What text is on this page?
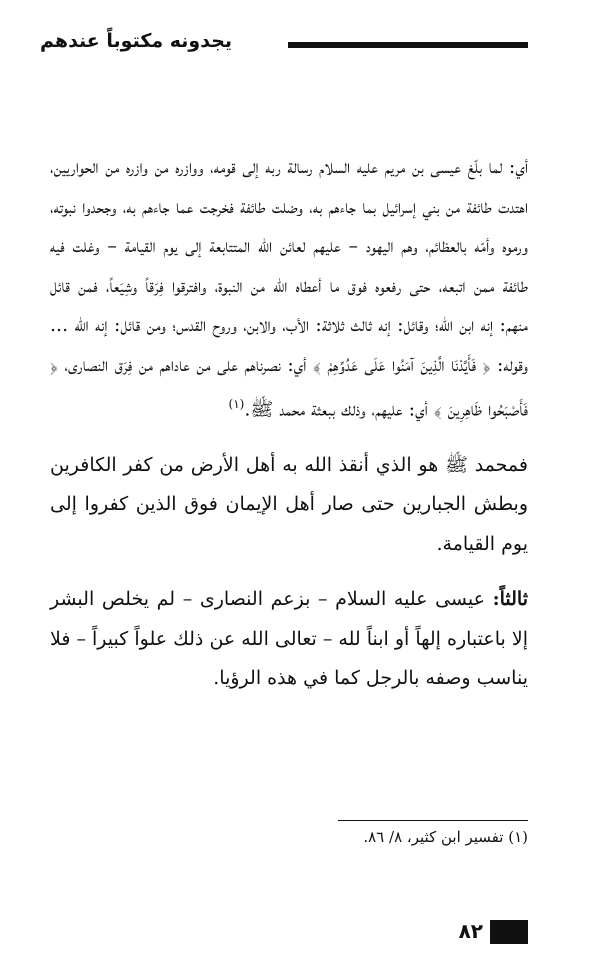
يجدونه مكتوباً عندهم

أي: لما بلّغ عيسى بن مريم عليه السلام رسالة ربه إلى قومه، ووازره من وازره من الحواريين، اهتدت طائفة من بني إسرائيل بما جاءهم به، وضلت طائفة فخرجت عما جاءهم به، وجحدوا نبوته، ورموه وأمّه بالعظائم، وهم اليهود – عليهم لعائن الله المتتابعة إلى يوم القيامة – وغلت فيه طائفة ممن اتبعه، حتى رفعوه فوق ما أعطاه الله من النبوة، وافترقوا فِرَقاً وشِيَعاً، فمن قائل منهم: إنه ابن الله؛ وقائل: إنه ثالث ثلاثة: الأب، والابن، وروح القدس؛ ومن قائل: إنه الله ... وقوله: ﴿ فَأَيَّدْنَا الَّذِينَ آمَنُوا عَلَى عَدُوِّهِمْ ﴾ أي: نصرناهم على من عاداهم من فِرَق النصارى، ﴿ فَأَصْبَحُوا ظَاهِرِينَ ﴾ أي: عليهم، وذلك ببعثة محمد ﷺ.$^{(١)}$

فمحمد ﷺ هو الذي أنقذ الله به أهل الأرض من كفر الكافرين وبطش الجبارين حتى صار أهل الإيمان فوق الذين كفروا إلى يوم القيامة.

ثالثاً: عيسى عليه السلام – بزعم النصارى – لم يخلص البشر إلا باعتباره إلهاً أو ابناً لله – تعالى الله عن ذلك علواً كبيراً – فلا يناسب وصفه بالرجل كما في هذه الرؤيا.

(١) تفسير ابن كثير، ٨/ ٨٦.
٨٢
